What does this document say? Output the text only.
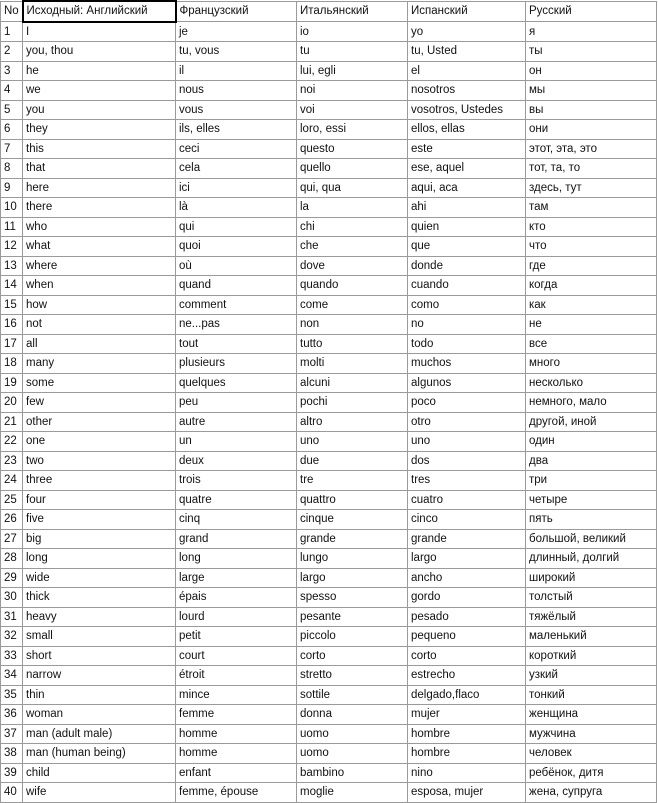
No	Исходный: Английский	Французский	Итальянский	Испанский	Русский
1	I	je	io	yo	я
2	you, thou	tu, vous	tu	tu, Usted	ты
3	he	il	lui, egli	el	он
4	we	nous	noi	nosotros	мы
5	you	vous	voi	vosotros, Ustedes	вы
6	they	ils, elles	loro, essi	ellos, ellas	они
7	this	ceci	questo	este	этот, эта, это
8	that	cela	quello	ese, aquel	тот, та, то
9	here	ici	qui, qua	aqui, aca	здесь, тут
10	there	là	la	ahi	там
11	who	qui	chi	quien	кто
12	what	quoi	che	que	что
13	where	où	dove	donde	где
14	when	quand	quando	cuando	когда
15	how	comment	come	como	как
16	not	ne...pas	non	no	не
17	all	tout	tutto	todo	все
18	many	plusieurs	molti	muchos	много
19	some	quelques	alcuni	algunos	несколько
20	few	peu	pochi	poco	немного, мало
21	other	autre	altro	otro	другой, иной
22	one	un	uno	uno	один
23	two	deux	due	dos	два
24	three	trois	tre	tres	три
25	four	quatre	quattro	cuatro	четыре
26	five	cinq	cinque	cinco	пять
27	big	grand	grande	grande	большой, великий
28	long	long	lungo	largo	длинный, долгий
29	wide	large	largo	ancho	широкий
30	thick	épais	spesso	gordo	толстый
31	heavy	lourd	pesante	pesado	тяжёлый
32	small	petit	piccolo	pequeno	маленький
33	short	court	corto	corto	короткий
34	narrow	étroit	stretto	estrecho	узкий
35	thin	mince	sottile	delgado,flaco	тонкий
36	woman	femme	donna	mujer	женщина
37	man (adult male)	homme	uomo	hombre	мужчина
38	man (human being)	homme	uomo	hombre	человек
39	child	enfant	bambino	nino	ребёнок, дитя
40	wife	femme, épouse	moglie	esposa, mujer	жена, супруга
